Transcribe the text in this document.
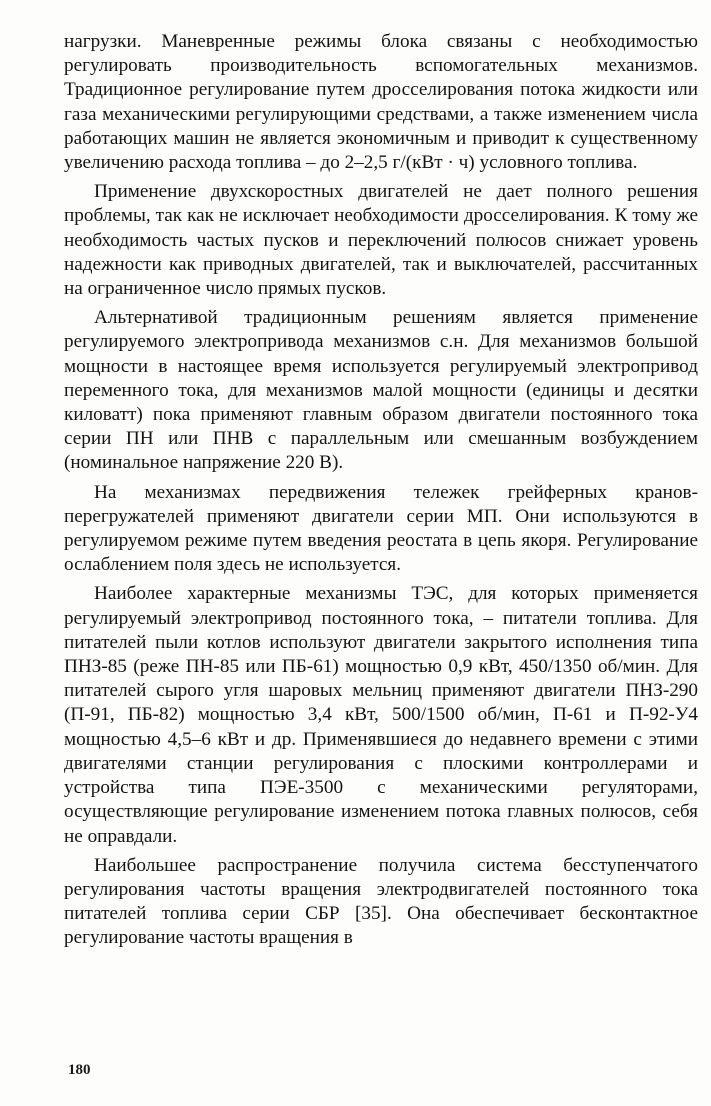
нагрузки. Маневренные режимы блока связаны с необходимостью регулировать производительность вспомогательных механизмов. Традиционное регулирование путем дросселирования потока жидкости или газа механическими регулирующими средствами, а также изменением числа работающих машин не является экономичным и приводит к существенному увеличению расхода топлива – до 2–2,5 г/(кВт · ч) условного топлива.

Применение двухскоростных двигателей не дает полного решения проблемы, так как не исключает необходимости дросселирования. К тому же необходимость частых пусков и переключений полюсов снижает уровень надежности как приводных двигателей, так и выключателей, рассчитанных на ограниченное число прямых пусков.

Альтернативой традиционным решениям является применение регулируемого электропривода механизмов с.н. Для механизмов большой мощности в настоящее время используется регулируемый электропривод переменного тока, для механизмов малой мощности (единицы и десятки киловатт) пока применяют главным образом двигатели постоянного тока серии ПН или ПНВ с параллельным или смешанным возбуждением (номинальное напряжение 220 В).

На механизмах передвижения тележек грейферных кранов-перегружателей применяют двигатели серии МП. Они используются в регулируемом режиме путем введения реостата в цепь якоря. Регулирование ослаблением поля здесь не используется.

Наиболее характерные механизмы ТЭС, для которых применяется регулируемый электропривод постоянного тока, – питатели топлива. Для питателей пыли котлов используют двигатели закрытого исполнения типа ПНЗ-85 (реже ПН-85 или ПБ-61) мощностью 0,9 кВт, 450/1350 об/мин. Для питателей сырого угля шаровых мельниц применяют двигатели ПНЗ-290 (П-91, ПБ-82) мощностью 3,4 кВт, 500/1500 об/мин, П-61 и П-92-У4 мощностью 4,5–6 кВт и др. Применявшиеся до недавнего времени с этими двигателями станции регулирования с плоскими контроллерами и устройства типа ПЭЕ-3500 с механическими регуляторами, осуществляющие регулирование изменением потока главных полюсов, себя не оправдали.

Наибольшее распространение получила система бесступенчатого регулирования частоты вращения электродвигателей постоянного тока питателей топлива серии СБР [35]. Она обеспечивает бесконтактное регулирование частоты вращения в

180
